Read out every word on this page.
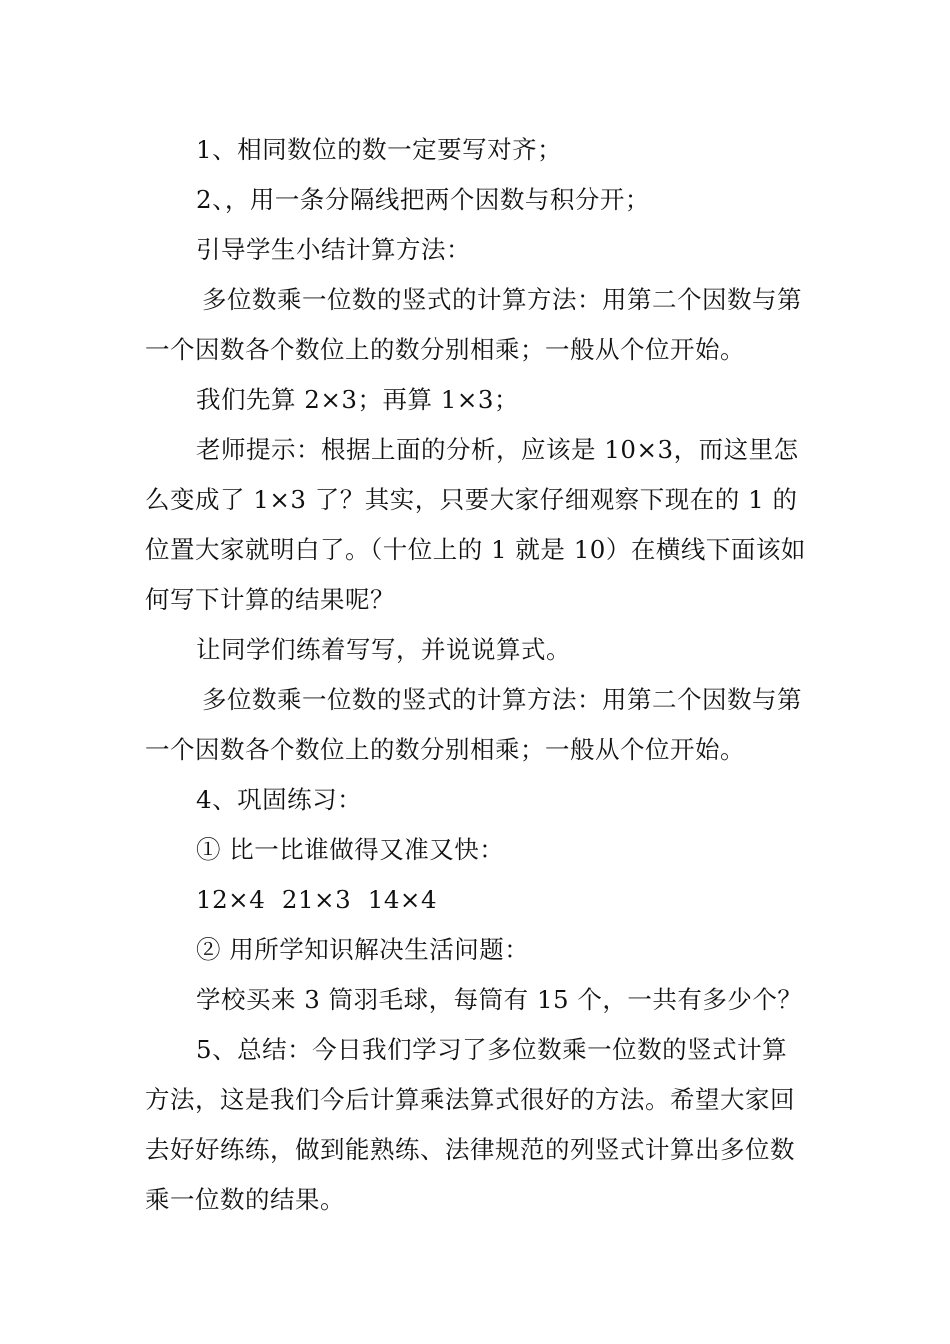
1、相同数位的数一定要写对齐；

2、，用一条分隔线把两个因数与积分开；

引导学生小结计算方法：

多位数乘一位数的竖式的计算方法：用第二个因数与第一个因数各个数位上的数分别相乘；一般从个位开始。

我们先算 2×3；再算 1×3；

老师提示：根据上面的分析，应该是 10×3，而这里怎么变成了 1×3 了？其实，只要大家仔细观察下现在的 1 的位置大家就明白了。（十位上的 1 就是 10）在横线下面该如何写下计算的结果呢？

让同学们练着写写，并说说算式。

多位数乘一位数的竖式的计算方法：用第二个因数与第一个因数各个数位上的数分别相乘；一般从个位开始。

4、巩固练习：

① 比一比谁做得又准又快：

12×4  21×3  14×4

② 用所学知识解决生活问题：

学校买来 3 筒羽毛球，每筒有 15 个，一共有多少个？

5、总结：今日我们学习了多位数乘一位数的竖式计算方法，这是我们今后计算乘法算式很好的方法。希望大家回去好好练练，做到能熟练、法律规范的列竖式计算出多位数乘一位数的结果。
